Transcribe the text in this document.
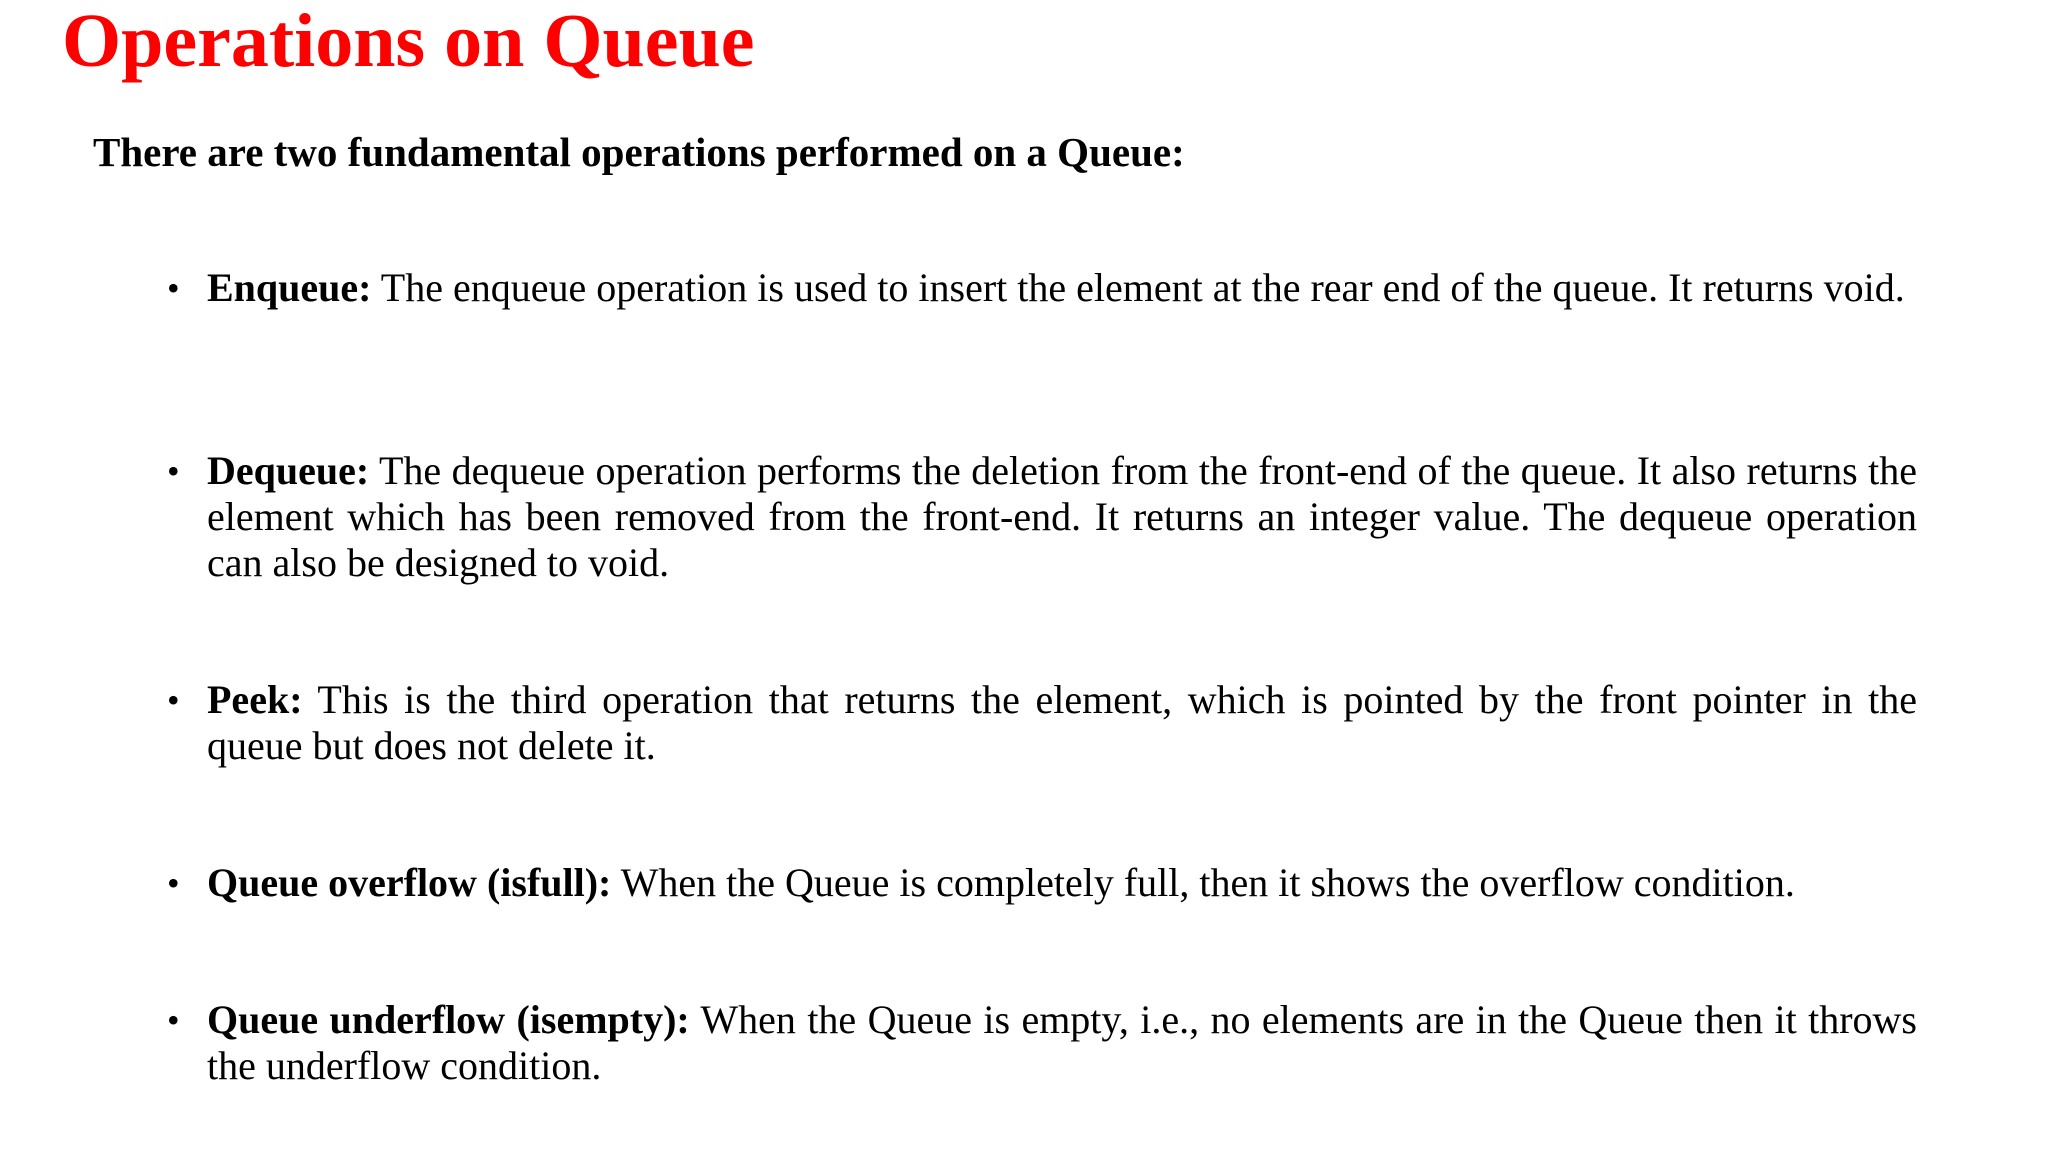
Operations on Queue

There are two fundamental operations performed on a Queue:

• Enqueue: The enqueue operation is used to insert the element at the rear end of the queue. It returns void.
• Dequeue: The dequeue operation performs the deletion from the front-end of the queue. It also returns the element which has been removed from the front-end. It returns an integer value. The dequeue operation can also be designed to void.
• Peek: This is the third operation that returns the element, which is pointed by the front pointer in the queue but does not delete it.
• Queue overflow (isfull): When the Queue is completely full, then it shows the overflow condition.
• Queue underflow (isempty): When the Queue is empty, i.e., no elements are in the Queue then it throws the underflow condition.
